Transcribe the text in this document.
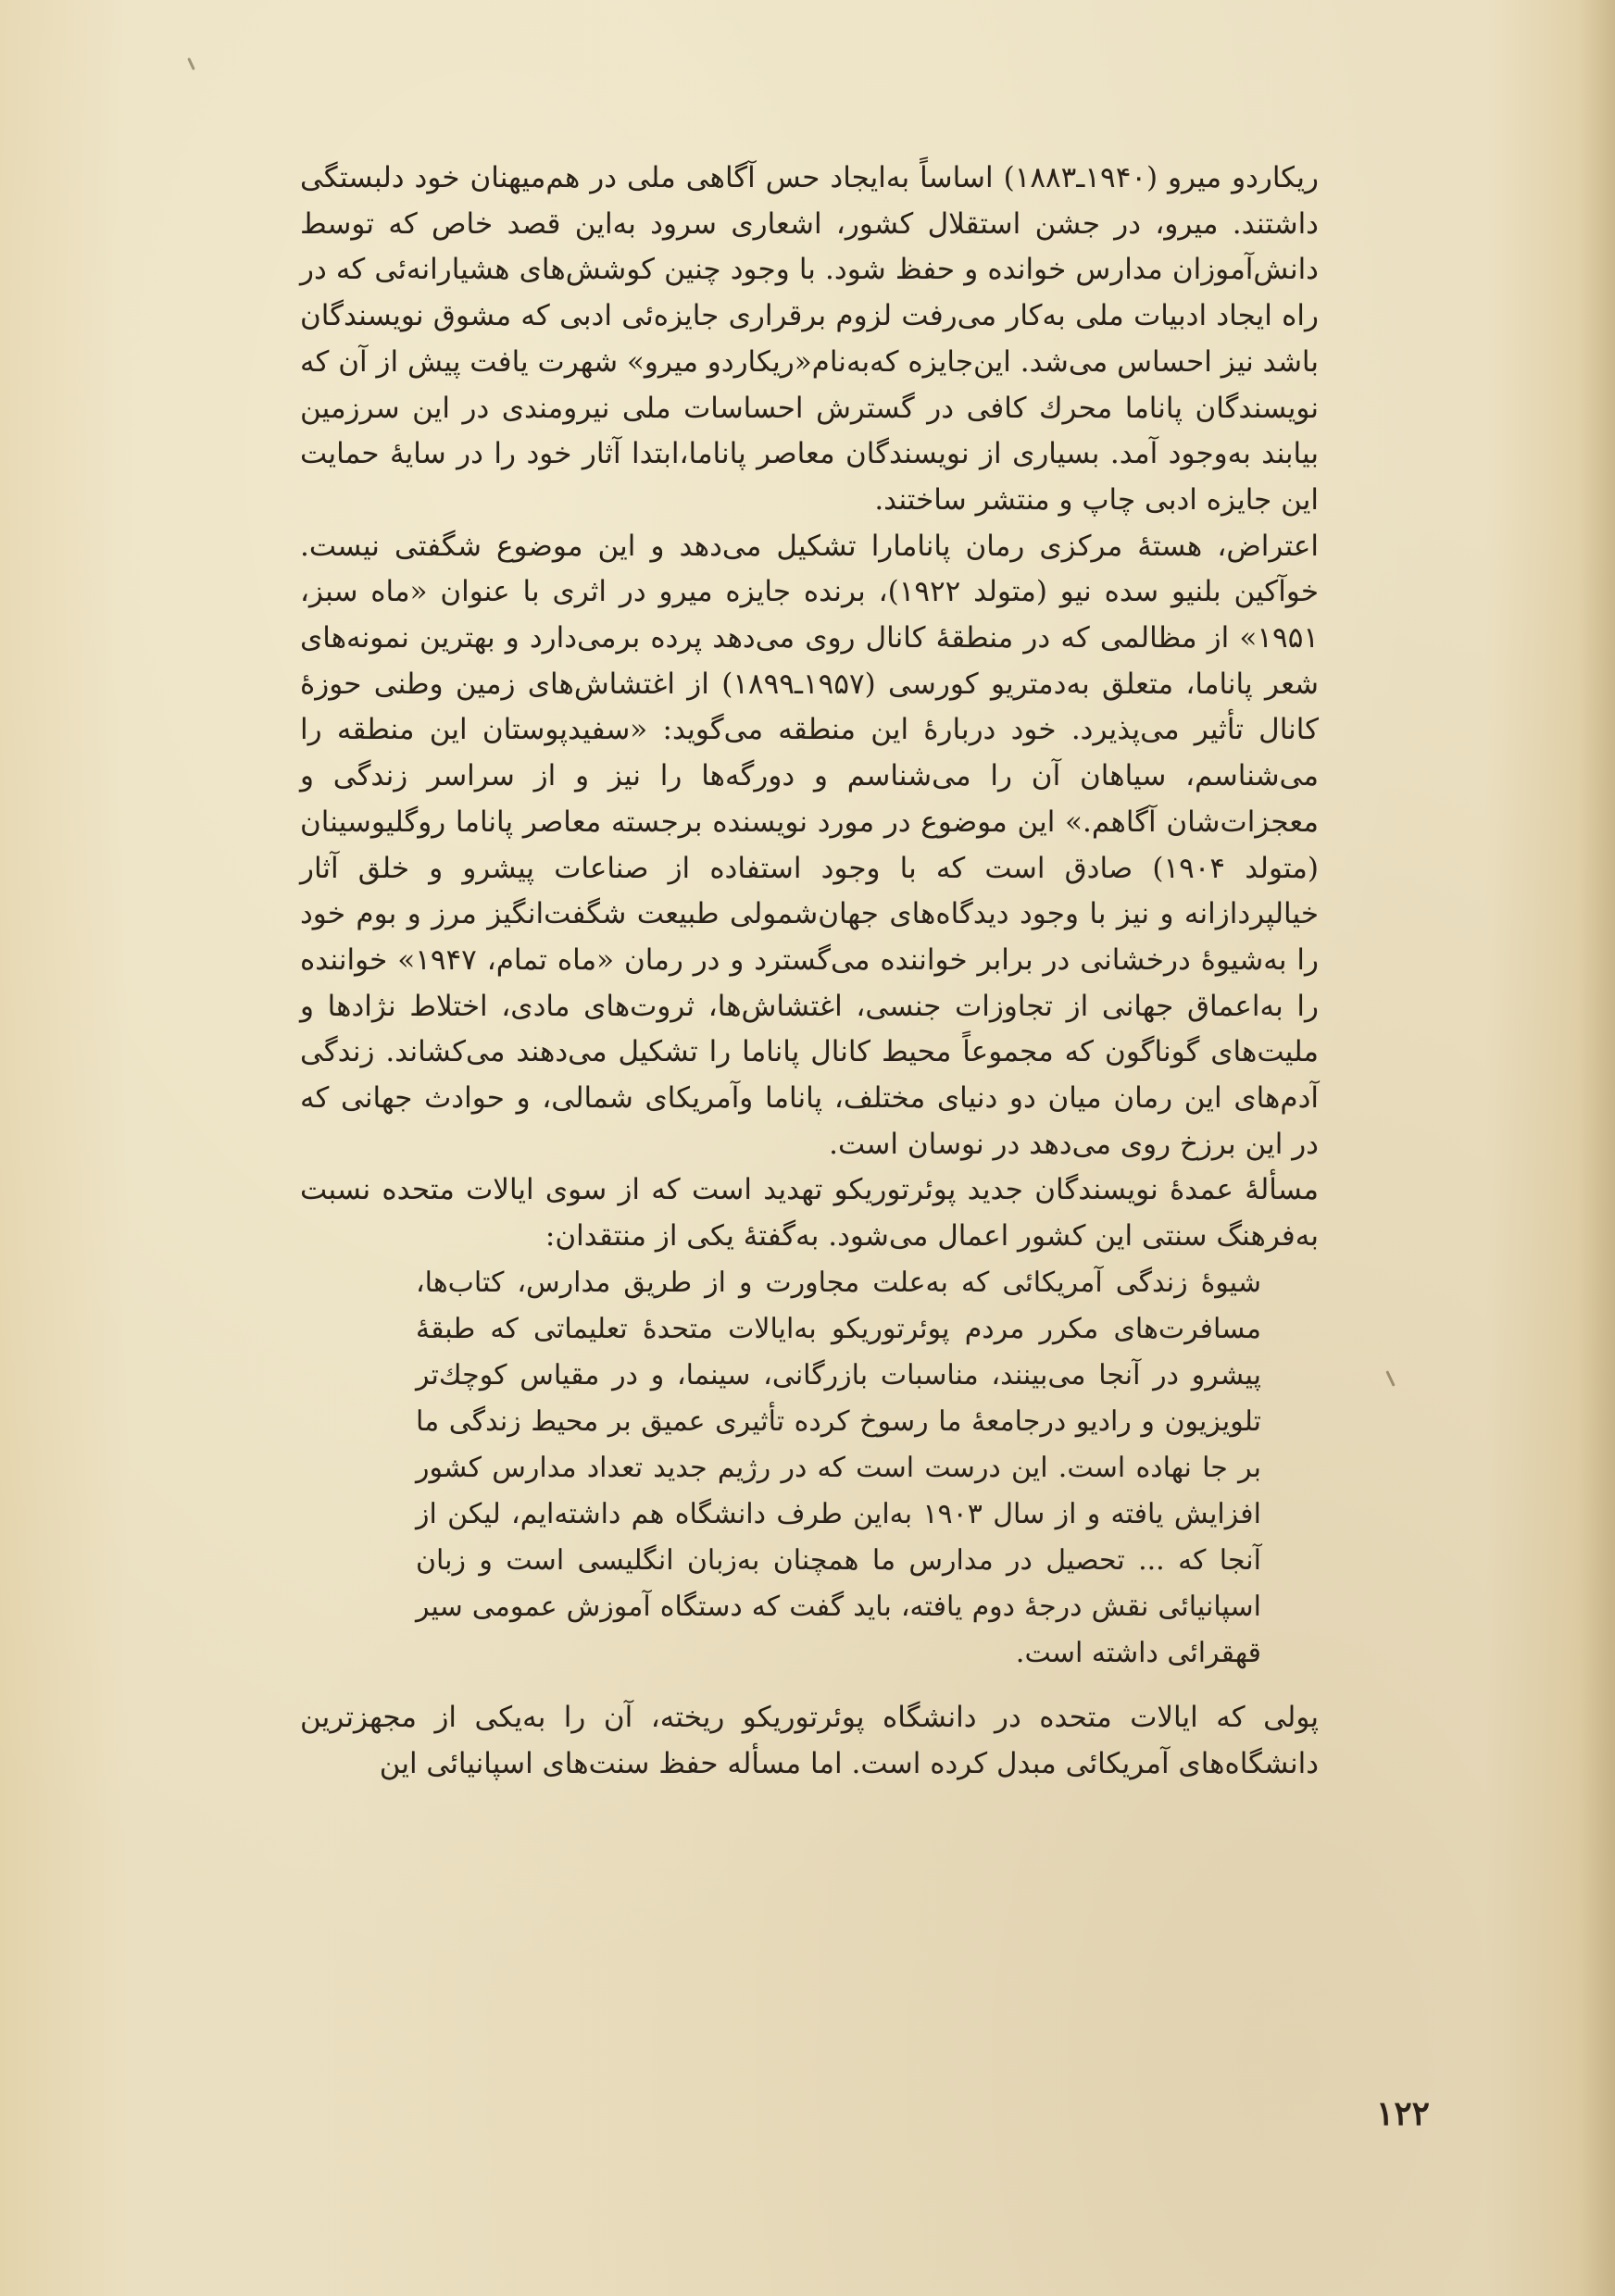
ریکاردو میرو (۱۹۴۰ـ۱۸۸۳) اساساً به‌ایجاد حس آگاهی ملی در هم‌میهنان خود دلبستگی داشتند. میرو، در جشن استقلال کشور، اشعاری سرود به‌این قصد خاص که توسط دانش‌آموزان مدارس خوانده و حفظ شود. با وجود چنین کوشش‌های هشیارانه‌ئی که در راه ایجاد ادبیات ملی به‌کار می‌رفت لزوم برقراری جایزه‌ئی ادبی که مشوق نویسندگان باشد نیز احساس می‌شد. این‌جایزه که‌به‌نام«ریکاردو میرو» شهرت یافت پیش از آن که نویسندگان پاناما محرك کافی در گسترش احساسات ملی نیرومندی در این سرزمین بیابند به‌وجود آمد. بسیاری از نویسندگان معاصر پاناما،ابتدا آثار خود را در سایهٔ حمایت این جایزه ادبی چاپ و منتشر ساختند.

اعتراض، هستهٔ مرکزی رمان پانامارا تشکیل می‌دهد و این موضوع شگفتی نیست. خوآکین بلنیو سده نیو (متولد ۱۹۲۲)، برنده جایزه میرو در اثری با عنوان «ماه سبز، ۱۹۵۱» از مظالمی که در منطقهٔ کانال روی می‌دهد پرده برمی‌دارد و بهترین نمونه‌های شعر پاناما، متعلق به‌دمتریو کورسی (۱۹۵۷ـ۱۸۹۹) از اغتشاش‌های زمین وطنی حوزهٔ کانال تأثیر می‌پذیرد. خود دربارهٔ این منطقه می‌گوید: «سفیدپوستان این منطقه را می‌شناسم، سیاهان آن را می‌شناسم و دورگه‌ها را نیز و از سراسر زندگی و معجزات‌شان آگاهم.» این موضوع در مورد نویسنده برجسته معاصر پاناما روگلیوسینان (متولد ۱۹۰۴) صادق است که با وجود استفاده از صناعات پیشرو و خلق آثار خیالپردازانه و نیز با وجود دیدگاه‌های جهان‌شمولی طبیعت شگفت‌انگیز مرز و بوم خود را به‌شیوهٔ درخشانی در برابر خواننده می‌گسترد و در رمان «ماه تمام، ۱۹۴۷» خواننده را به‌اعماق جهانی از تجاوزات جنسی، اغتشاش‌ها، ثروت‌های مادی، اختلاط نژادها و ملیت‌های گوناگون که مجموعاً محیط کانال پاناما را تشکیل می‌دهند می‌کشاند. زندگی آدم‌های این رمان میان دو دنیای مختلف، پاناما وآمریکای شمالی، و حوادث جهانی که در این برزخ روی می‌دهد در نوسان است.

مسألهٔ عمدهٔ نویسندگان جدید پوئرتوریکو تهدید است که از سوی ایالات متحده نسبت به‌فرهنگ سنتی این کشور اعمال می‌شود. به‌گفتهٔ یکی از منتقدان:

شیوهٔ زندگی آمریکائی که به‌علت مجاورت و از طریق مدارس، کتاب‌ها، مسافرت‌های مکرر مردم پوئرتوریکو به‌ایالات متحدهٔ تعلیماتی که طبقهٔ پیشرو در آنجا می‌بینند، مناسبات بازرگانی، سینما، و در مقیاس کوچك‌تر تلویزیون و رادیو درجامعهٔ ما رسوخ کرده تأثیری عمیق بر محیط زندگی ما بر جا نهاده است. این درست است که در رژیم جدید تعداد مدارس کشور افزایش یافته و از سال ۱۹۰۳ به‌این طرف دانشگاه هم داشته‌ایم، لیکن از آنجا که ... تحصیل در مدارس ما همچنان به‌زبان انگلیسی است و زبان اسپانیائی نقش درجهٔ دوم یافته، باید گفت که دستگاه آموزش عمومی سیر قهقرائی داشته است.

پولی که ایالات متحده در دانشگاه پوئرتوریکو ریخته، آن را به‌یکی از مجهزترین دانشگاه‌های آمریکائی مبدل کرده است. اما مسأله حفظ سنت‌های اسپانیائی این

۱۲۲
